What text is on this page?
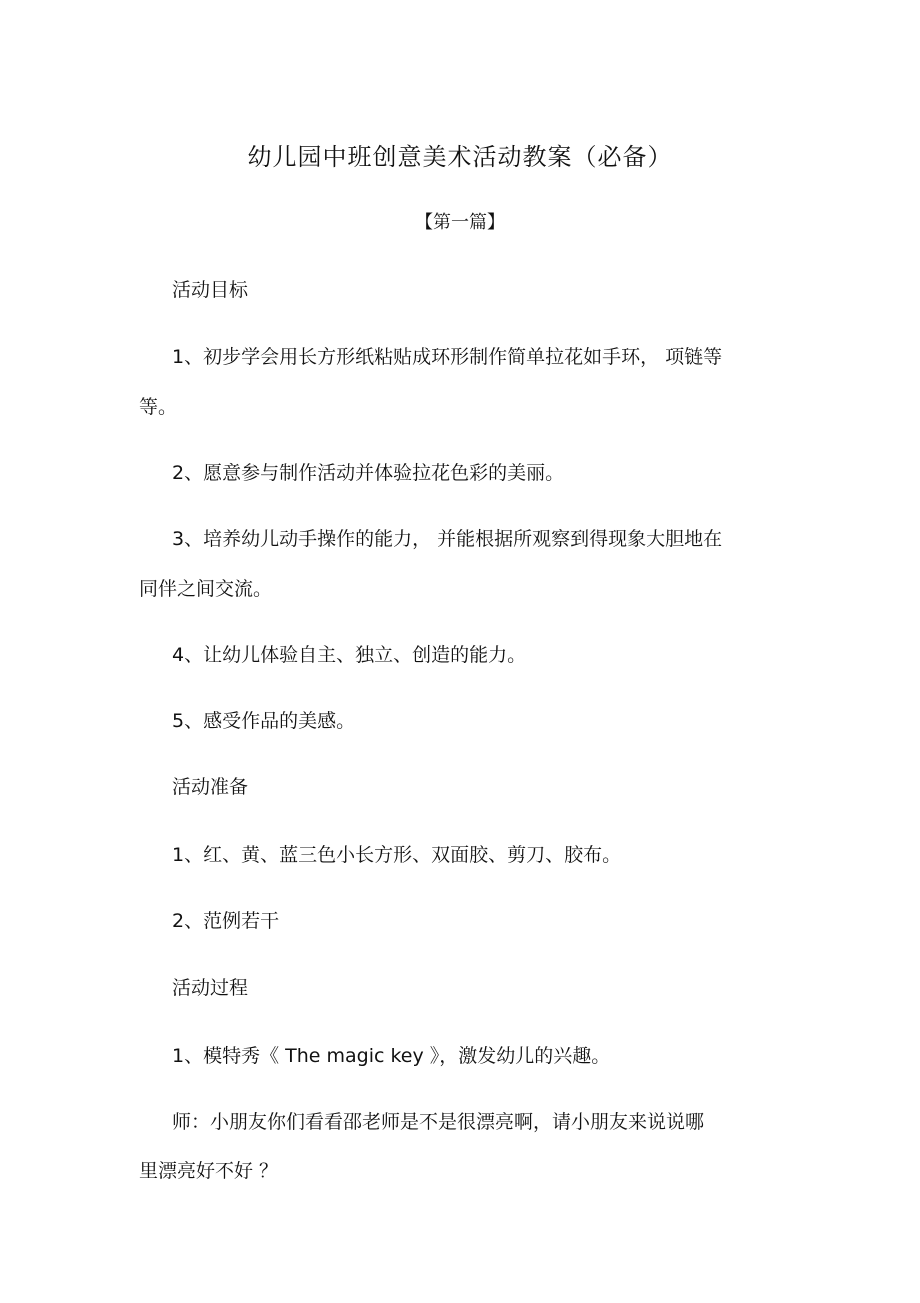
幼儿园中班创意美术活动教案（必备）
【第一篇】
活动目标
1、初步学会用长方形纸粘贴成环形制作简单拉花如手环， 项链等
等。
2、愿意参与制作活动并体验拉花色彩的美丽。
3、培养幼儿动手操作的能力， 并能根据所观察到得现象大胆地在
同伴之间交流。
4、让幼儿体验自主、独立、创造的能力。
5、感受作品的美感。
活动准备
1、红、黄、蓝三色小长方形、双面胶、剪刀、胶布。
2、范例若干
活动过程
1、模特秀《 The magic key 》，激发幼儿的兴趣。
师：小朋友你们看看邵老师是不是很漂亮啊，请小朋友来说说哪
里漂亮好不好 ？
